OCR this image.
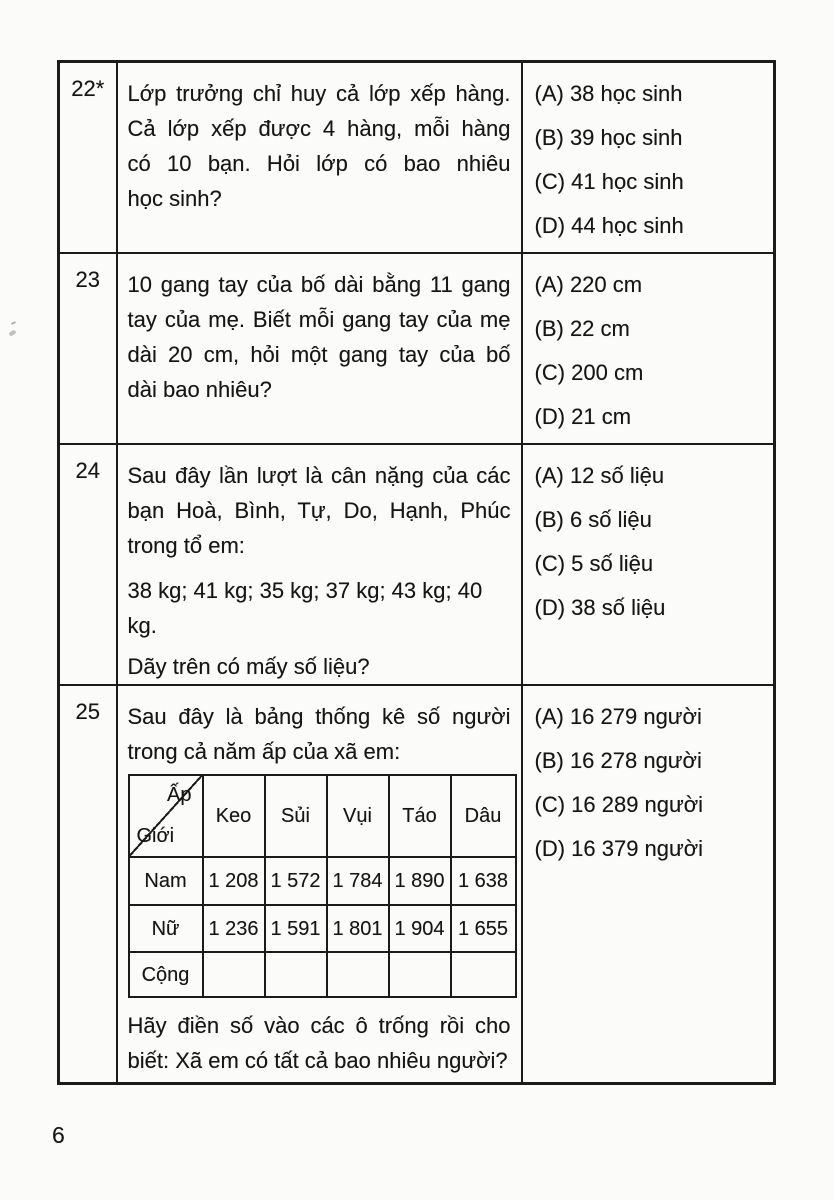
22*	Lớp trưởng chỉ huy cả lớp xếp hàng.
Cả lớp xếp được 4 hàng, mỗi hàng
có 10 bạn. Hỏi lớp có bao nhiêu
học sinh?

(A) 38 học sinh
(B) 39 học sinh
(C) 41 học sinh
(D) 44 học sinh

23	10 gang tay của bố dài bằng 11 gang
tay của mẹ. Biết mỗi gang tay của mẹ
dài 20 cm, hỏi một gang tay của bố
dài bao nhiêu?

(A) 220 cm
(B) 22 cm
(C) 200 cm
(D) 21 cm

24	Sau đây lần lượt là cân nặng của các
bạn Hoà, Bình, Tự, Do, Hạnh, Phúc
trong tổ em:
38 kg; 41 kg; 35 kg; 37 kg; 43 kg; 40 kg.
Dãy trên có mấy số liệu?

(A) 12 số liệu
(B) 6 số liệu
(C) 5 số liệu
(D) 38 số liệu

25	Sau đây là bảng thống kê số người
trong cả năm ấp của xã em:
Ấp
Giới
	Keo	Sủi	Vụi	Táo	Dâu
Nam	1 208	1 572	1 784	1 890	1 638
Nữ	1 236	1 591	1 801	1 904	1 655
Cộng					
Hãy điền số vào các ô trống rồi cho
biết: Xã em có tất cả bao nhiêu người?

(A) 16 279 người
(B) 16 278 người
(C) 16 289 người
(D) 16 379 người
6
